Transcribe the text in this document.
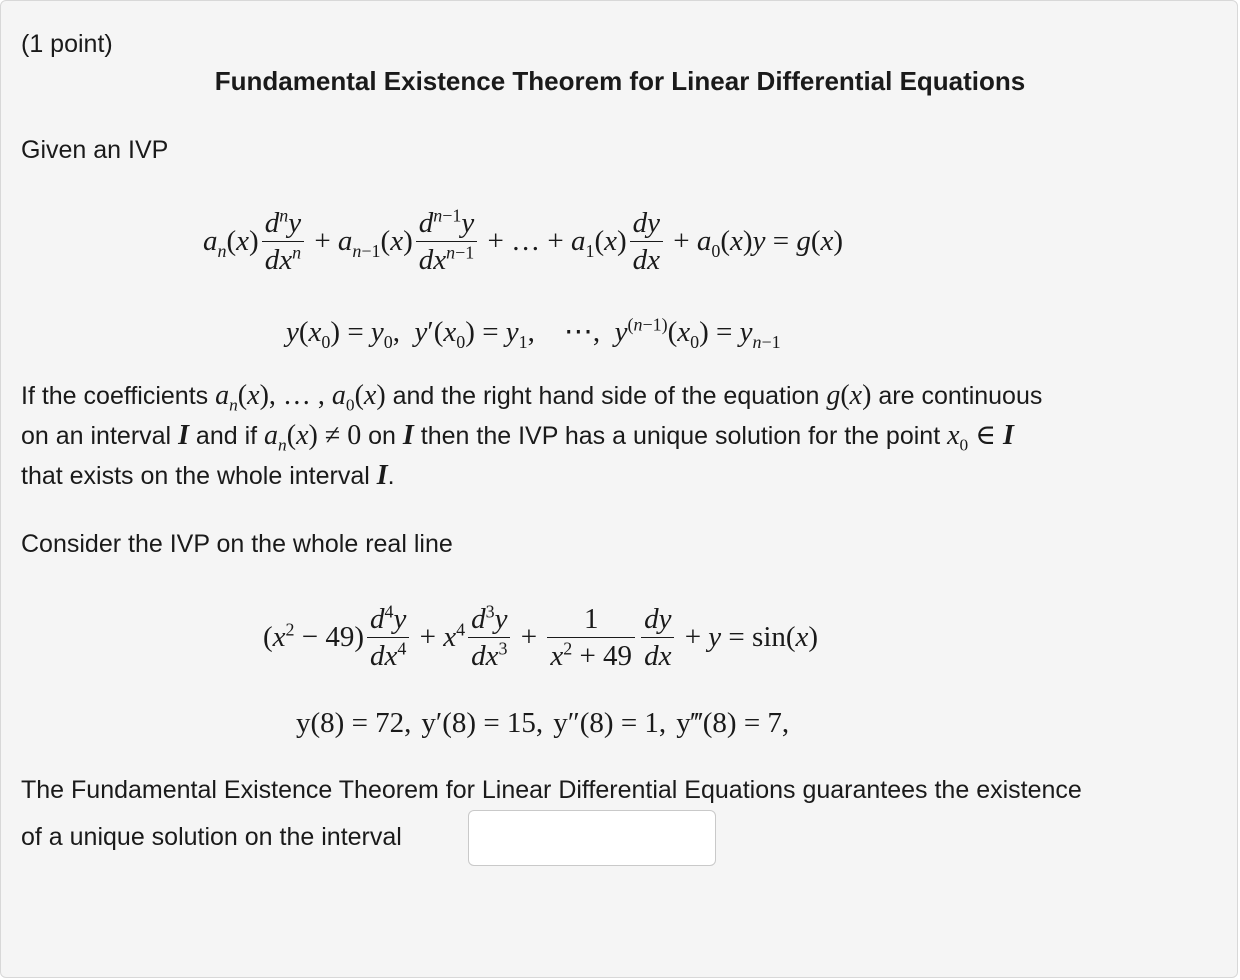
(1 point)
Fundamental Existence Theorem for Linear Differential Equations
Given an IVP
$a_n(x) \frac{d^ny}{dx^n} + a_{n-1}(x) \frac{d^{n-1}y}{dx^{n-1}}$ + … + $a_1(x) \frac{dy}{dx} + a_0(x)y = g(x)$
$y(x_0) = y_0$,  $y'(x_0) = y_1$,    ⋯,  $y^{(n-1)}(x_0) = y_{n-1}$
If the coefficients $a_n(x)$, … , $a_0(x)$ and the right hand side of the equation g(x) are continuous
on an interval I and if $a_n(x) \ne 0$ on I then the IVP has a unique solution for the point $x_0$ ∈ I
that exists on the whole interval I.
Consider the IVP on the whole real line
$(x^2 - 49) \frac{d^4y}{dx^4} + x^4 \frac{d^3y}{dx^3} + \frac{1}{x^2 + 49} \frac{dy}{dx} + y = \sin(x)$
y(8) = 72, y′(8) = 15, y″(8) = 1, y‴(8) = 7,
The Fundamental Existence Theorem for Linear Differential Equations guarantees the existence
of a unique solution on the interval
